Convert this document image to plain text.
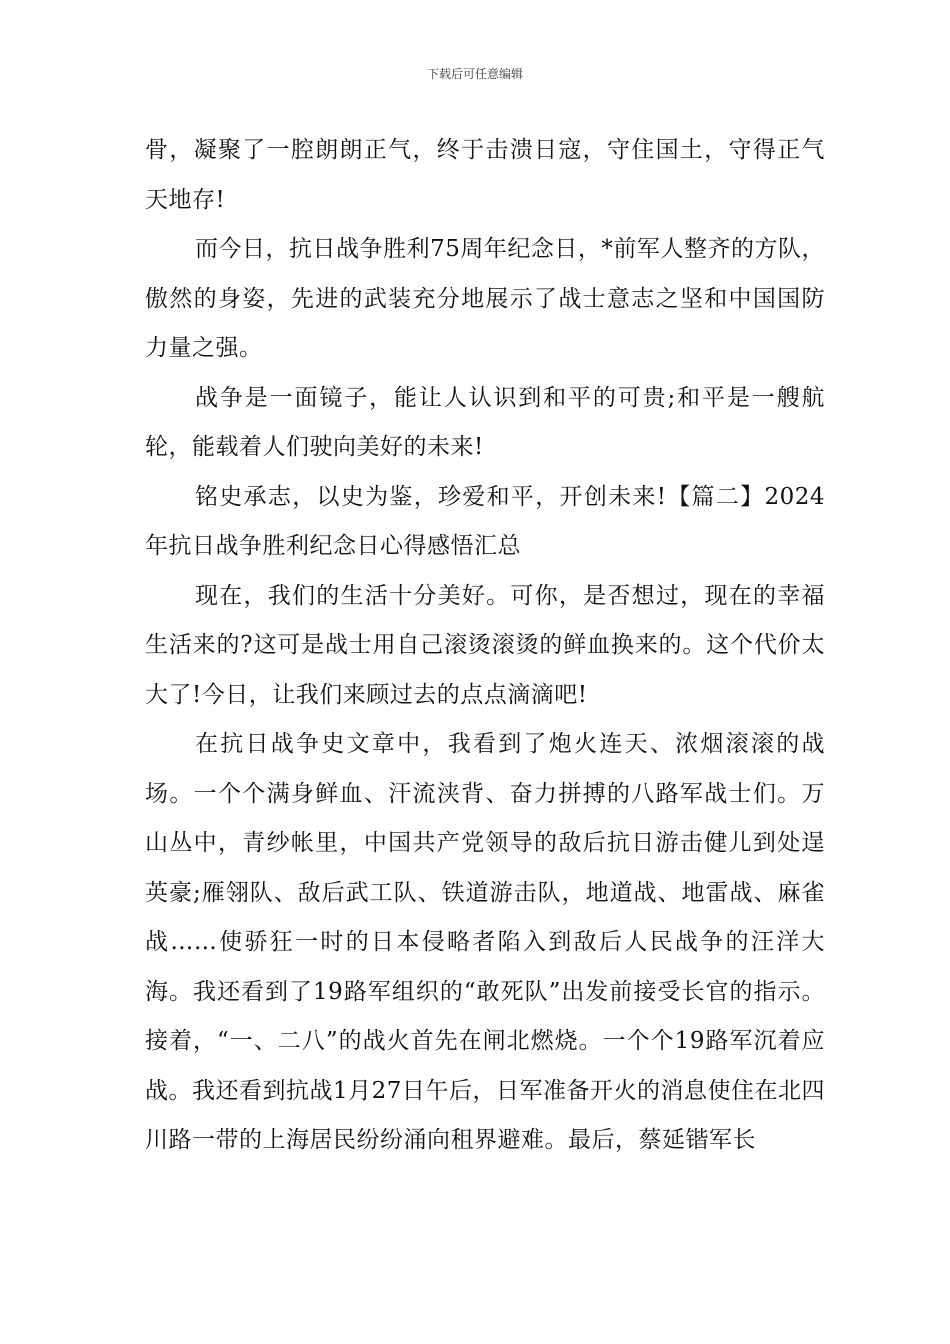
下载后可任意编辑

骨，凝聚了一腔朗朗正气，终于击溃日寇，守住国土，守得正气天地存!

而今日，抗日战争胜利75周年纪念日，*前军人整齐的方队，傲然的身姿，先进的武装充分地展示了战士意志之坚和中国国防力量之强。

战争是一面镜子，能让人认识到和平的可贵;和平是一艘航轮，能载着人们驶向美好的未来!

铭史承志，以史为鉴，珍爱和平，开创未来!【篇二】2024年抗日战争胜利纪念日心得感悟汇总

现在，我们的生活十分美好。可你，是否想过，现在的幸福生活来的?这可是战士用自己滚烫滚烫的鲜血换来的。这个代价太大了!今日，让我们来顾过去的点点滴滴吧!

在抗日战争史文章中，我看到了炮火连天、浓烟滚滚的战场。一个个满身鲜血、汗流浃背、奋力拼搏的八路军战士们。万山丛中，青纱帐里，中国共产党领导的敌后抗日游击健儿到处逞英豪;雁翎队、敌后武工队、铁道游击队，地道战、地雷战、麻雀战……使骄狂一时的日本侵略者陷入到敌后人民战争的汪洋大海。我还看到了19路军组织的“敢死队”出发前接受长官的指示。接着，“一、二八”的战火首先在闸北燃烧。一个个19路军沉着应战。我还看到抗战1月27日午后，日军准备开火的消息使住在北四川路一带的上海居民纷纷涌向租界避难。最后，蔡延锴军长
